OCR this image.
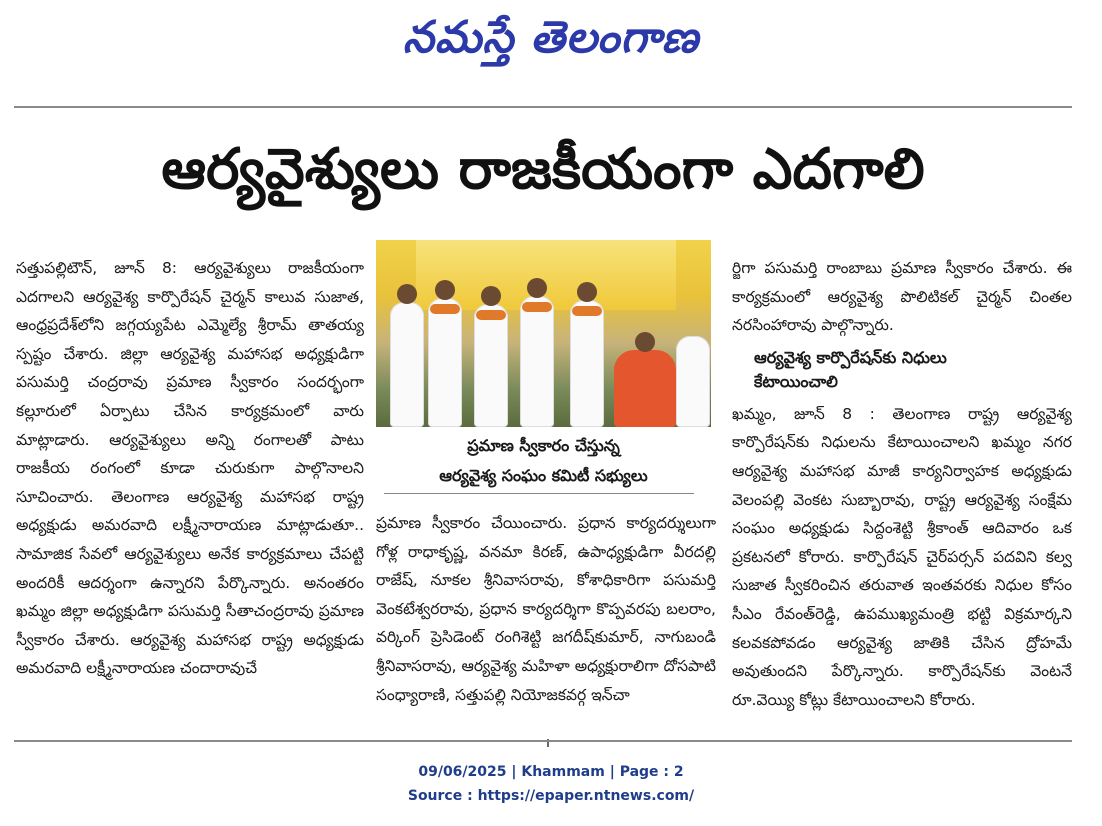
నమస్తే తెలంగాణ
ఆర్యవైశ్యులు రాజకీయంగా ఎదగాలి

సత్తుపల్లిటౌన్, జూన్ 8: ఆర్యవైశ్యులు రాజకీయంగా ఎదగాలని ఆర్యవైశ్య కార్పొరేషన్ చైర్మన్ కాలువ సుజాత, ఆంధ్రప్రదేశ్‌లోని జగ్గయ్యపేట ఎమ్మెల్యే శ్రీరామ్ తాతయ్య స్పష్టం చేశారు. జిల్లా ఆర్యవైశ్య మహాసభ అధ్యక్షుడిగా పసుమర్తి చంద్రరావు ప్రమాణ స్వీకారం సందర్భంగా కల్లూరులో ఏర్పాటు చేసిన కార్యక్రమంలో వారు మాట్లాడారు. ఆర్యవైశ్యులు అన్ని రంగాలతో పాటు రాజకీయ రంగంలో కూడా చురుకుగా పాల్గొనాలని సూచించారు. తెలంగాణ ఆర్యవైశ్య మహాసభ రాష్ట్ర అధ్యక్షుడు అమరవాది లక్ష్మీనారాయణ మాట్లాడుతూ.. సామాజిక సేవలో ఆర్యవైశ్యులు అనేక కార్యక్రమాలు చేపట్టి అందరికీ ఆదర్శంగా ఉన్నారని పేర్కొన్నారు. అనంతరం ఖమ్మం జిల్లా అధ్యక్షుడిగా పసుమర్తి సీతాచంద్రరావు ప్రమాణ స్వీకారం చేశారు. ఆర్యవైశ్య మహాసభ రాష్ట్ర అధ్యక్షుడు అమరవాది లక్ష్మీనారాయణ చందారావుచే

ప్రమాణ స్వీకారం చేస్తున్న
ఆర్యవైశ్య సంఘం కమిటీ సభ్యులు

ప్రమాణ స్వీకారం చేయించారు. ప్రధాన కార్యదర్శులుగా గోళ్ల రాధాకృష్ణ, వనమా కిరణ్, ఉపాధ్యక్షుడిగా వీరదల్లి రాజేష్, నూకల శ్రీనివాసరావు, కోశాధికారిగా పసుమర్తి వెంకటేశ్వరరావు, ప్రధాన కార్యదర్శిగా కొప్పవరపు బలరాం, వర్కింగ్ ప్రెసిడెంట్ రంగిశెట్టి జగదీష్‌కుమార్, నాగుబండి శ్రీనివాసరావు, ఆర్యవైశ్య మహిళా అధ్యక్షురాలిగా దోసపాటి సంధ్యారాణి, సత్తుపల్లి నియోజకవర్గ ఇన్‌చా

ర్జిగా పసుమర్తి రాంబాబు ప్రమాణ స్వీకారం చేశారు. ఈ కార్యక్రమంలో ఆర్యవైశ్య పొలిటికల్ చైర్మన్ చింతల నరసింహారావు పాల్గొన్నారు.

ఆర్యవైశ్య కార్పొరేషన్‌కు నిధులు
కేటాయించాలి

ఖమ్మం, జూన్ 8 : తెలంగాణ రాష్ట్ర ఆర్యవైశ్య కార్పొరేషన్‌కు నిధులను కేటాయించాలని ఖమ్మం నగర ఆర్యవైశ్య మహాసభ మాజీ కార్యనిర్వాహక అధ్యక్షుడు వెలంపల్లి వెంకట సుబ్బారావు, రాష్ట్ర ఆర్యవైశ్య సంక్షేమ సంఘం అధ్యక్షుడు సిద్దంశెట్టి శ్రీకాంత్ ఆదివారం ఒక ప్రకటనలో కోరారు. కార్పొరేషన్ చైర్‌పర్సన్ పదవిని కల్వ సుజాత స్వీకరించిన తరువాత ఇంతవరకు నిధుల కోసం సీఎం రేవంత్‌రెడ్డి, ఉపముఖ్యమంత్రి భట్టి విక్రమార్కని కలవకపోవడం ఆర్యవైశ్య జాతికి చేసిన ద్రోహమే అవుతుందని పేర్కొన్నారు. కార్పొరేషన్‌కు వెంటనే రూ.వెయ్యి కోట్లు కేటాయించాలని కోరారు.

09/06/2025 | Khammam | Page : 2
Source : https://epaper.ntnews.com/
